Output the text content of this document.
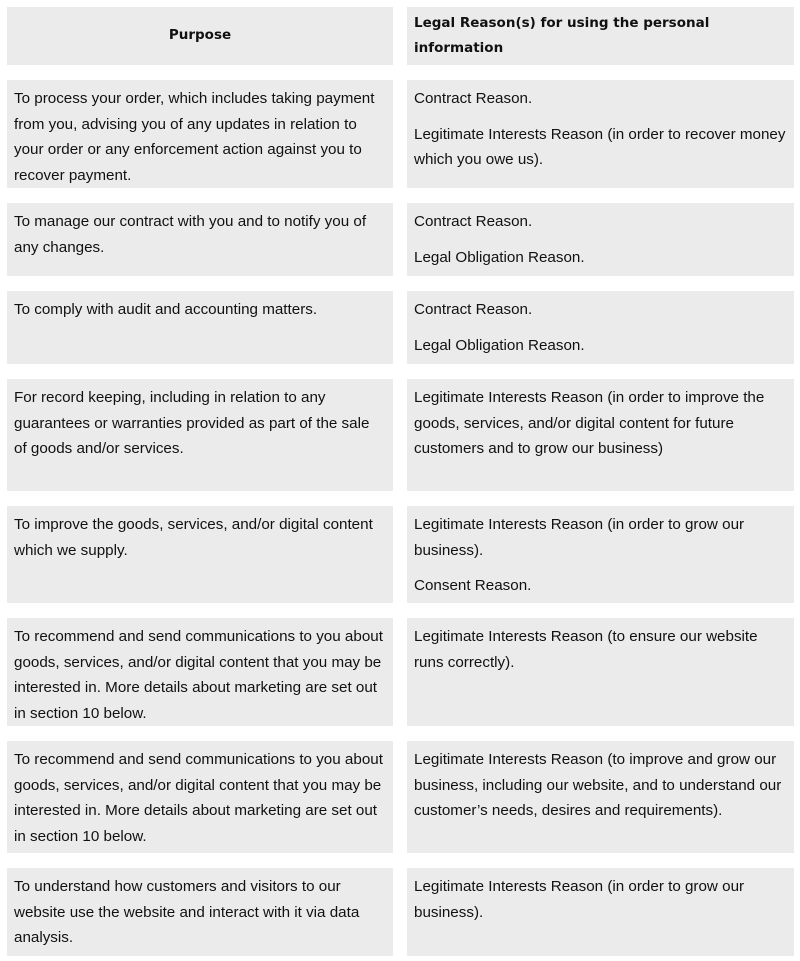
Purpose
Legal Reason(s) for using the personal information
To process your order, which includes taking payment from you, advising you of any updates in relation to your order or any enforcement action against you to recover payment.

Contract Reason.

Legitimate Interests Reason (in order to recover money which you owe us).

To manage our contract with you and to notify you of any changes.

Contract Reason.

Legal Obligation Reason.

To comply with audit and accounting matters.	Contract Reason.

Legal Obligation Reason.

For record keeping, including in relation to any guarantees or warranties provided as part of the sale of goods and/or services.

Legitimate Interests Reason (in order to improve the goods, services, and/or digital content for future customers and to grow our business)

To improve the goods, services, and/or digital content which we supply.

Legitimate Interests Reason (in order to grow our business).

Consent Reason.

To recommend and send communications to you about goods, services, and/or digital content that you may be interested in. More details about marketing are set out in section 10 below.

Legitimate Interests Reason (to ensure our website runs correctly).

To recommend and send communications to you about goods, services, and/or digital content that you may be interested in. More details about marketing are set out in section 10 below.

Legitimate Interests Reason (to improve and grow our business, including our website, and to understand our customer’s needs, desires and requirements).

To understand how customers and visitors to our website use the website and interact with it via data analysis.

Legitimate Interests Reason (in order to grow our business).
